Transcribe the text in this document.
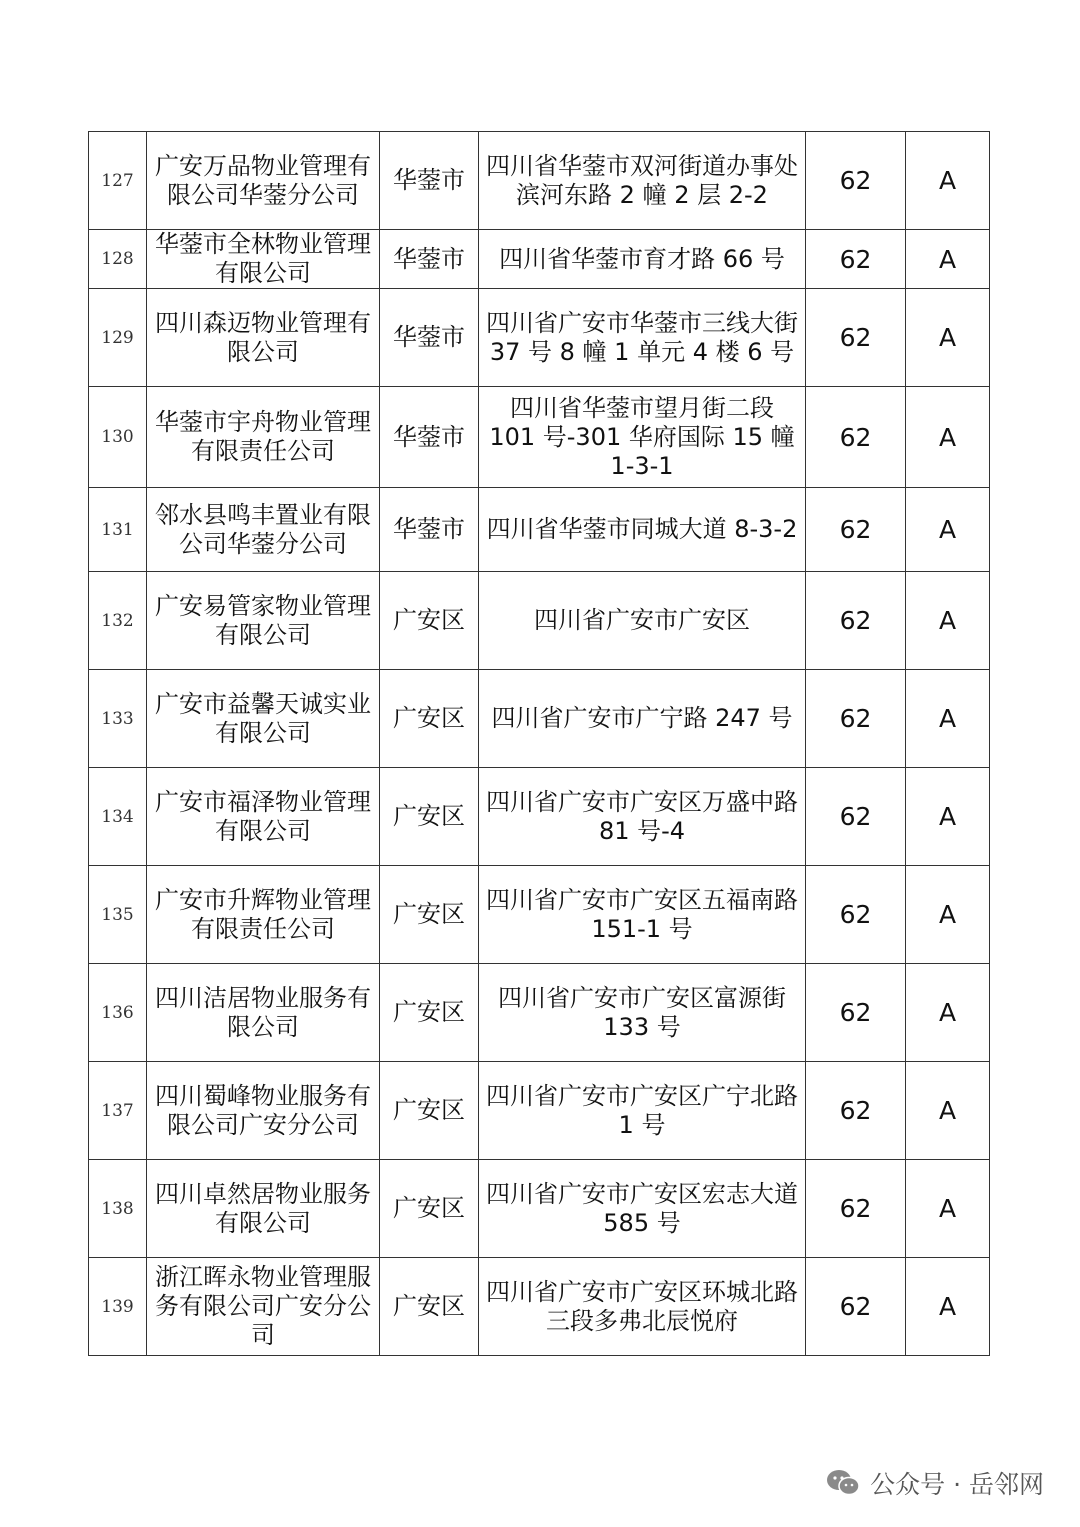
127	广安万品物业管理有限公司华蓥分公司	华蓥市	四川省华蓥市双河街道办事处滨河东路 2 幢 2 层 2-2	62	A
128	华蓥市全林物业管理有限公司	华蓥市	四川省华蓥市育才路 66 号	62	A
129	四川森迈物业管理有限公司	华蓥市	四川省广安市华蓥市三线大街 37 号 8 幢 1 单元 4 楼 6 号	62	A
130	华蓥市宇舟物业管理有限责任公司	华蓥市	四川省华蓥市望月街二段 101 号-301 华府国际 15 幢 1-3-1	62	A
131	邻水县鸣丰置业有限公司华蓥分公司	华蓥市	四川省华蓥市同城大道 8-3-2	62	A
132	广安易管家物业管理有限公司	广安区	四川省广安市广安区	62	A
133	广安市益馨天诚实业有限公司	广安区	四川省广安市广宁路 247 号	62	A
134	广安市福泽物业管理有限公司	广安区	四川省广安市广安区万盛中路 81 号-4	62	A
135	广安市升辉物业管理有限责任公司	广安区	四川省广安市广安区五福南路 151-1 号	62	A
136	四川洁居物业服务有限公司	广安区	四川省广安市广安区富源街 133 号	62	A
137	四川蜀峰物业服务有限公司广安分公司	广安区	四川省广安市广安区广宁北路 1 号	62	A
138	四川卓然居物业服务有限公司	广安区	四川省广安市广安区宏志大道 585 号	62	A
139	浙江晖永物业管理服务有限公司广安分公司	广安区	四川省广安市广安区环城北路三段多弗北辰悦府	62	A
公众号 · 岳邻网
